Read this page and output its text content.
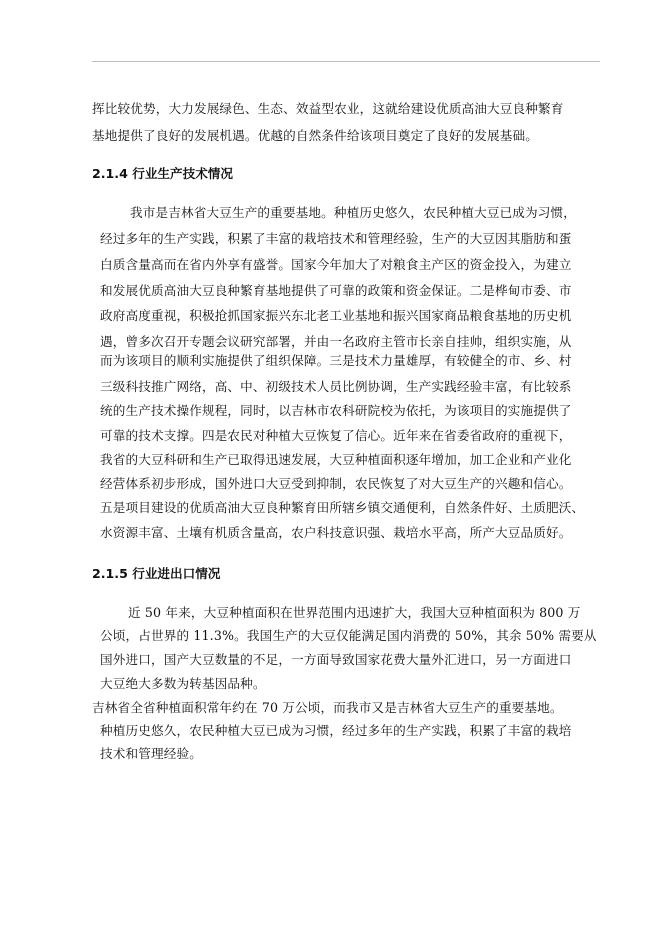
挥比较优势，大力发展绿色、生态、效益型农业，这就给建设优质高油大豆良种繁育
基地提供了良好的发展机遇。优越的自然条件给该项目奠定了良好的发展基础。
2.1.4 行业生产技术情况
我市是吉林省大豆生产的重要基地。种植历史悠久，农民种植大豆已成为习惯，
经过多年的生产实践，积累了丰富的栽培技术和管理经验，生产的大豆因其脂肪和蛋
白质含量高而在省内外享有盛誉。国家今年加大了对粮食主产区的资金投入，为建立
和发展优质高油大豆良种繁育基地提供了可靠的政策和资金保证。二是桦甸市委、市
政府高度重视，积极抢抓国家振兴东北老工业基地和振兴国家商品粮食基地的历史机
遇，曾多次召开专题会议研究部署，并由一名政府主管市长亲自挂帅，组织实施，从
而为该项目的顺利实施提供了组织保障。三是技术力量雄厚，有较健全的市、乡、村
三级科技推广网络，高、中、初级技术人员比例协调，生产实践经验丰富，有比较系
统的生产技术操作规程，同时，以吉林市农科研院校为依托，为该项目的实施提供了
可靠的技术支撑。四是农民对种植大豆恢复了信心。近年来在省委省政府的重视下，
我省的大豆科研和生产已取得迅速发展，大豆种植面积逐年增加，加工企业和产业化
经营体系初步形成，国外进口大豆受到抑制，农民恢复了对大豆生产的兴趣和信心。
五是项目建设的优质高油大豆良种繁育田所辖乡镇交通便利，自然条件好、土质肥沃、
水资源丰富、土壤有机质含量高，农户科技意识强、栽培水平高，所产大豆品质好。
2.1.5 行业进出口情况
近 50 年来，大豆种植面积在世界范围内迅速扩大，我国大豆种植面积为 800 万
公顷，占世界的 11.3%。我国生产的大豆仅能满足国内消费的 50%，其余 50% 需要从
国外进口，国产大豆数量的不足，一方面导致国家花费大量外汇进口，另一方面进口
大豆绝大多数为转基因品种。
吉林省全省种植面积常年约在 70 万公顷，而我市又是吉林省大豆生产的重要基地。
种植历史悠久，农民种植大豆已成为习惯，经过多年的生产实践，积累了丰富的栽培
技术和管理经验。
